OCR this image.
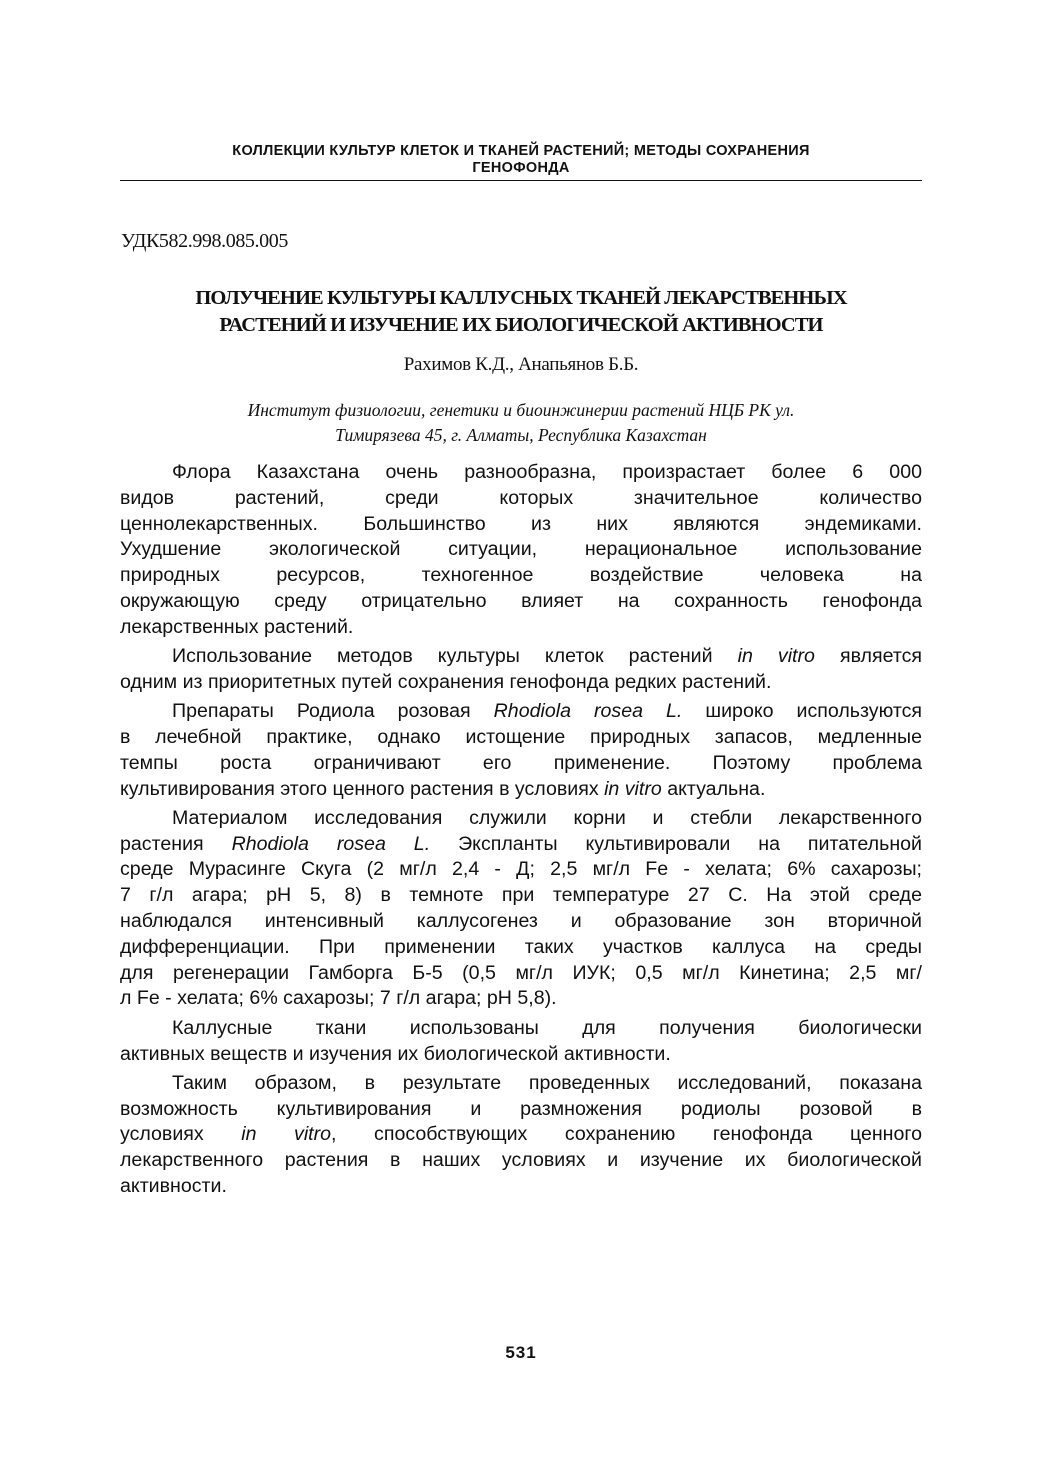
КОЛЛЕКЦИИ КУЛЬТУР КЛЕТОК И ТКАНЕЙ РАСТЕНИЙ; МЕТОДЫ СОХРАНЕНИЯ
ГЕНОФОНДА
УДК582.998.085.005
ПОЛУЧЕНИЕ КУЛЬТУРЫ КАЛЛУСНЫХ ТКАНЕЙ ЛЕКАРСТВЕННЫХ
РАСТЕНИЙ И ИЗУЧЕНИЕ ИХ БИОЛОГИЧЕСКОЙ АКТИВНОСТИ
Рахимов К.Д., Анапьянов Б.Б.
Институт физиологии, генетики и биоинжинерии растений НЦБ РК ул.
Тимирязева 45, г. Алматы, Республика Казахстан

Флора Казахстана очень разнообразна, произрастает более 6 000
видов растений, среди которых значительное количество
ценнолекарственных. Большинство из них являются эндемиками.
Ухудшение экологической ситуации, нерациональное использование
природных ресурсов, техногенное воздействие человека на
окружающую среду отрицательно влияет на сохранность генофонда
лекарственных растений.

Использование методов культуры клеток растений in vitro является
одним из приоритетных путей сохранения генофонда редких растений.

Препараты Родиола розовая Rhodiola rosea L. широко используются
в лечебной практике, однако истощение природных запасов, медленные
темпы роста ограничивают его применение. Поэтому проблема
культивирования этого ценного растения в условиях in vitro актуальна.

Материалом исследования служили корни и стебли лекарственного
растения Rhodiola rosea L. Экспланты культивировали на питательной
среде Мурасинге Скуга (2 мг/л 2,4 - Д; 2,5 мг/л Fe - хелата; 6% сахарозы;
7 г/л агара; рН 5, 8) в темноте при температуре 27 С. На этой среде
наблюдался интенсивный каллусогенез и образование зон вторичной
дифференциации. При применении таких участков каллуса на среды
для регенерации Гамборга Б-5 (0,5 мг/л ИУК; 0,5 мг/л Кинетина; 2,5 мг/
л Fe - хелата; 6% сахарозы; 7 г/л агара; рН 5,8).

Каллусные ткани использованы для получения биологически
активных веществ и изучения их биологической активности.

Таким образом, в результате проведенных исследований, показана
возможность культивирования и размножения родиолы розовой в
условиях in vitro, способствующих сохранению генофонда ценного
лекарственного растения в наших условиях и изучение их биологической
активности.

531
